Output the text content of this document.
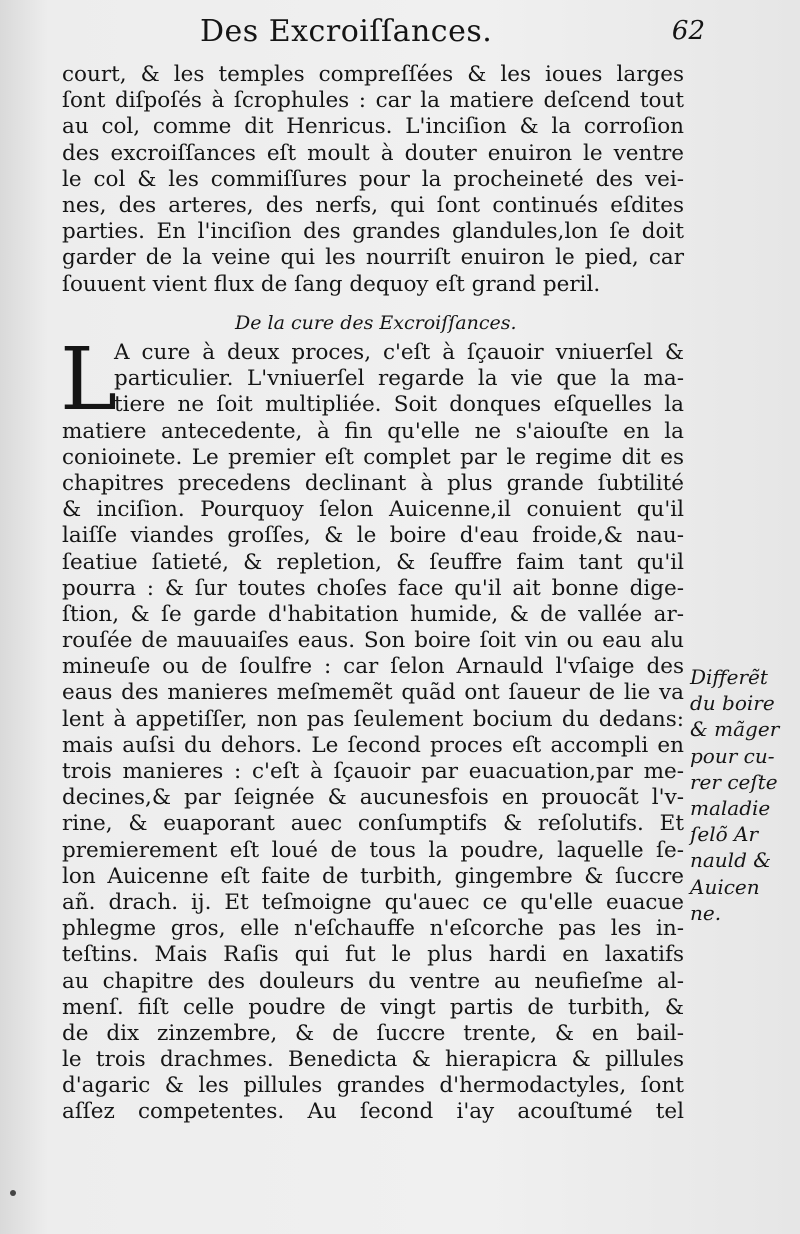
Des Excroiſſances.	62
court, & les temples compreſſées & les ioues larges
ſont diſpoſés à ſcrophules : car la matiere deſcend tout
au col, comme dit Henricus. L'inciſion & la corroſion
des excroiſſances eſt moult à douter enuiron le ventre
le col & les commiſſures pour la procheineté des vei-
nes, des arteres, des nerfs, qui ſont continués eſdites
parties. En l'inciſion des grandes glandules,lon ſe doit
garder de la veine qui les nourriſt enuiron le pied, car
ſouuent vient flux de ſang dequoy eſt grand peril.
De la cure des Excroiſſances.
L
A cure à deux proces, c'eſt à ſçauoir vniuerſel &
particulier. L'vniuerſel regarde la vie que la ma-
tiere ne ſoit multipliée. Soit donques eſquelles la
matiere antecedente, à fin qu'elle ne s'aiouſte en la
conioinete. Le premier eſt complet par le regime dit es
chapitres precedens declinant à plus grande ſubtilité
& inciſion. Pourquoy ſelon Auicenne,il conuient qu'il
laiſſe viandes groſſes, & le boire d'eau froide,& nau-
ſeatiue ſatieté, & repletion, & ſeuffre faim tant qu'il
pourra : & ſur toutes choſes face qu'il ait bonne dige-
ſtion, & ſe garde d'habitation humide, & de vallée ar-
rouſée de mauuaiſes eaus. Son boire ſoit vin ou eau alu
mineuſe ou de ſoulfre : car ſelon Arnauld l'vſaige des
eaus des manieres meſmemẽt quãd ont ſaueur de lie va
lent à appetiſſer, non pas ſeulement bocium du dedans:
mais auſsi du dehors. Le ſecond proces eſt accompli en
trois manieres : c'eſt à ſçauoir par euacuation,par me-
decines,& par ſeignée & aucunesfois en prouocãt l'v-
rine, & euaporant auec conſumptifs & reſolutifs. Et
premierement eſt loué de tous la poudre, laquelle ſe-
lon Auicenne eſt faite de turbith, gingembre & ſuccre
añ. drach. ij. Et teſmoigne qu'auec ce qu'elle euacue
phlegme gros, elle n'eſchauffe n'eſcorche pas les in-
teſtins. Mais Raſis qui fut le plus hardi en laxatifs
au chapitre des douleurs du ventre au neufieſme al-
menſ. fiſt celle poudre de vingt partis de turbith, &
de dix zinzembre, & de ſuccre trente, & en bail-
le trois drachmes. Benedicta & hierapicra & pillules
d'agaric & les pillules grandes d'hermodactyles, ſont
aſſez competentes. Au ſecond i'ay acouſtumé tel
Differẽt
du boire
& mãger
pour cu-
rer ceſte
maladie
ſelõ Ar
nauld &
Auicen
ne.
